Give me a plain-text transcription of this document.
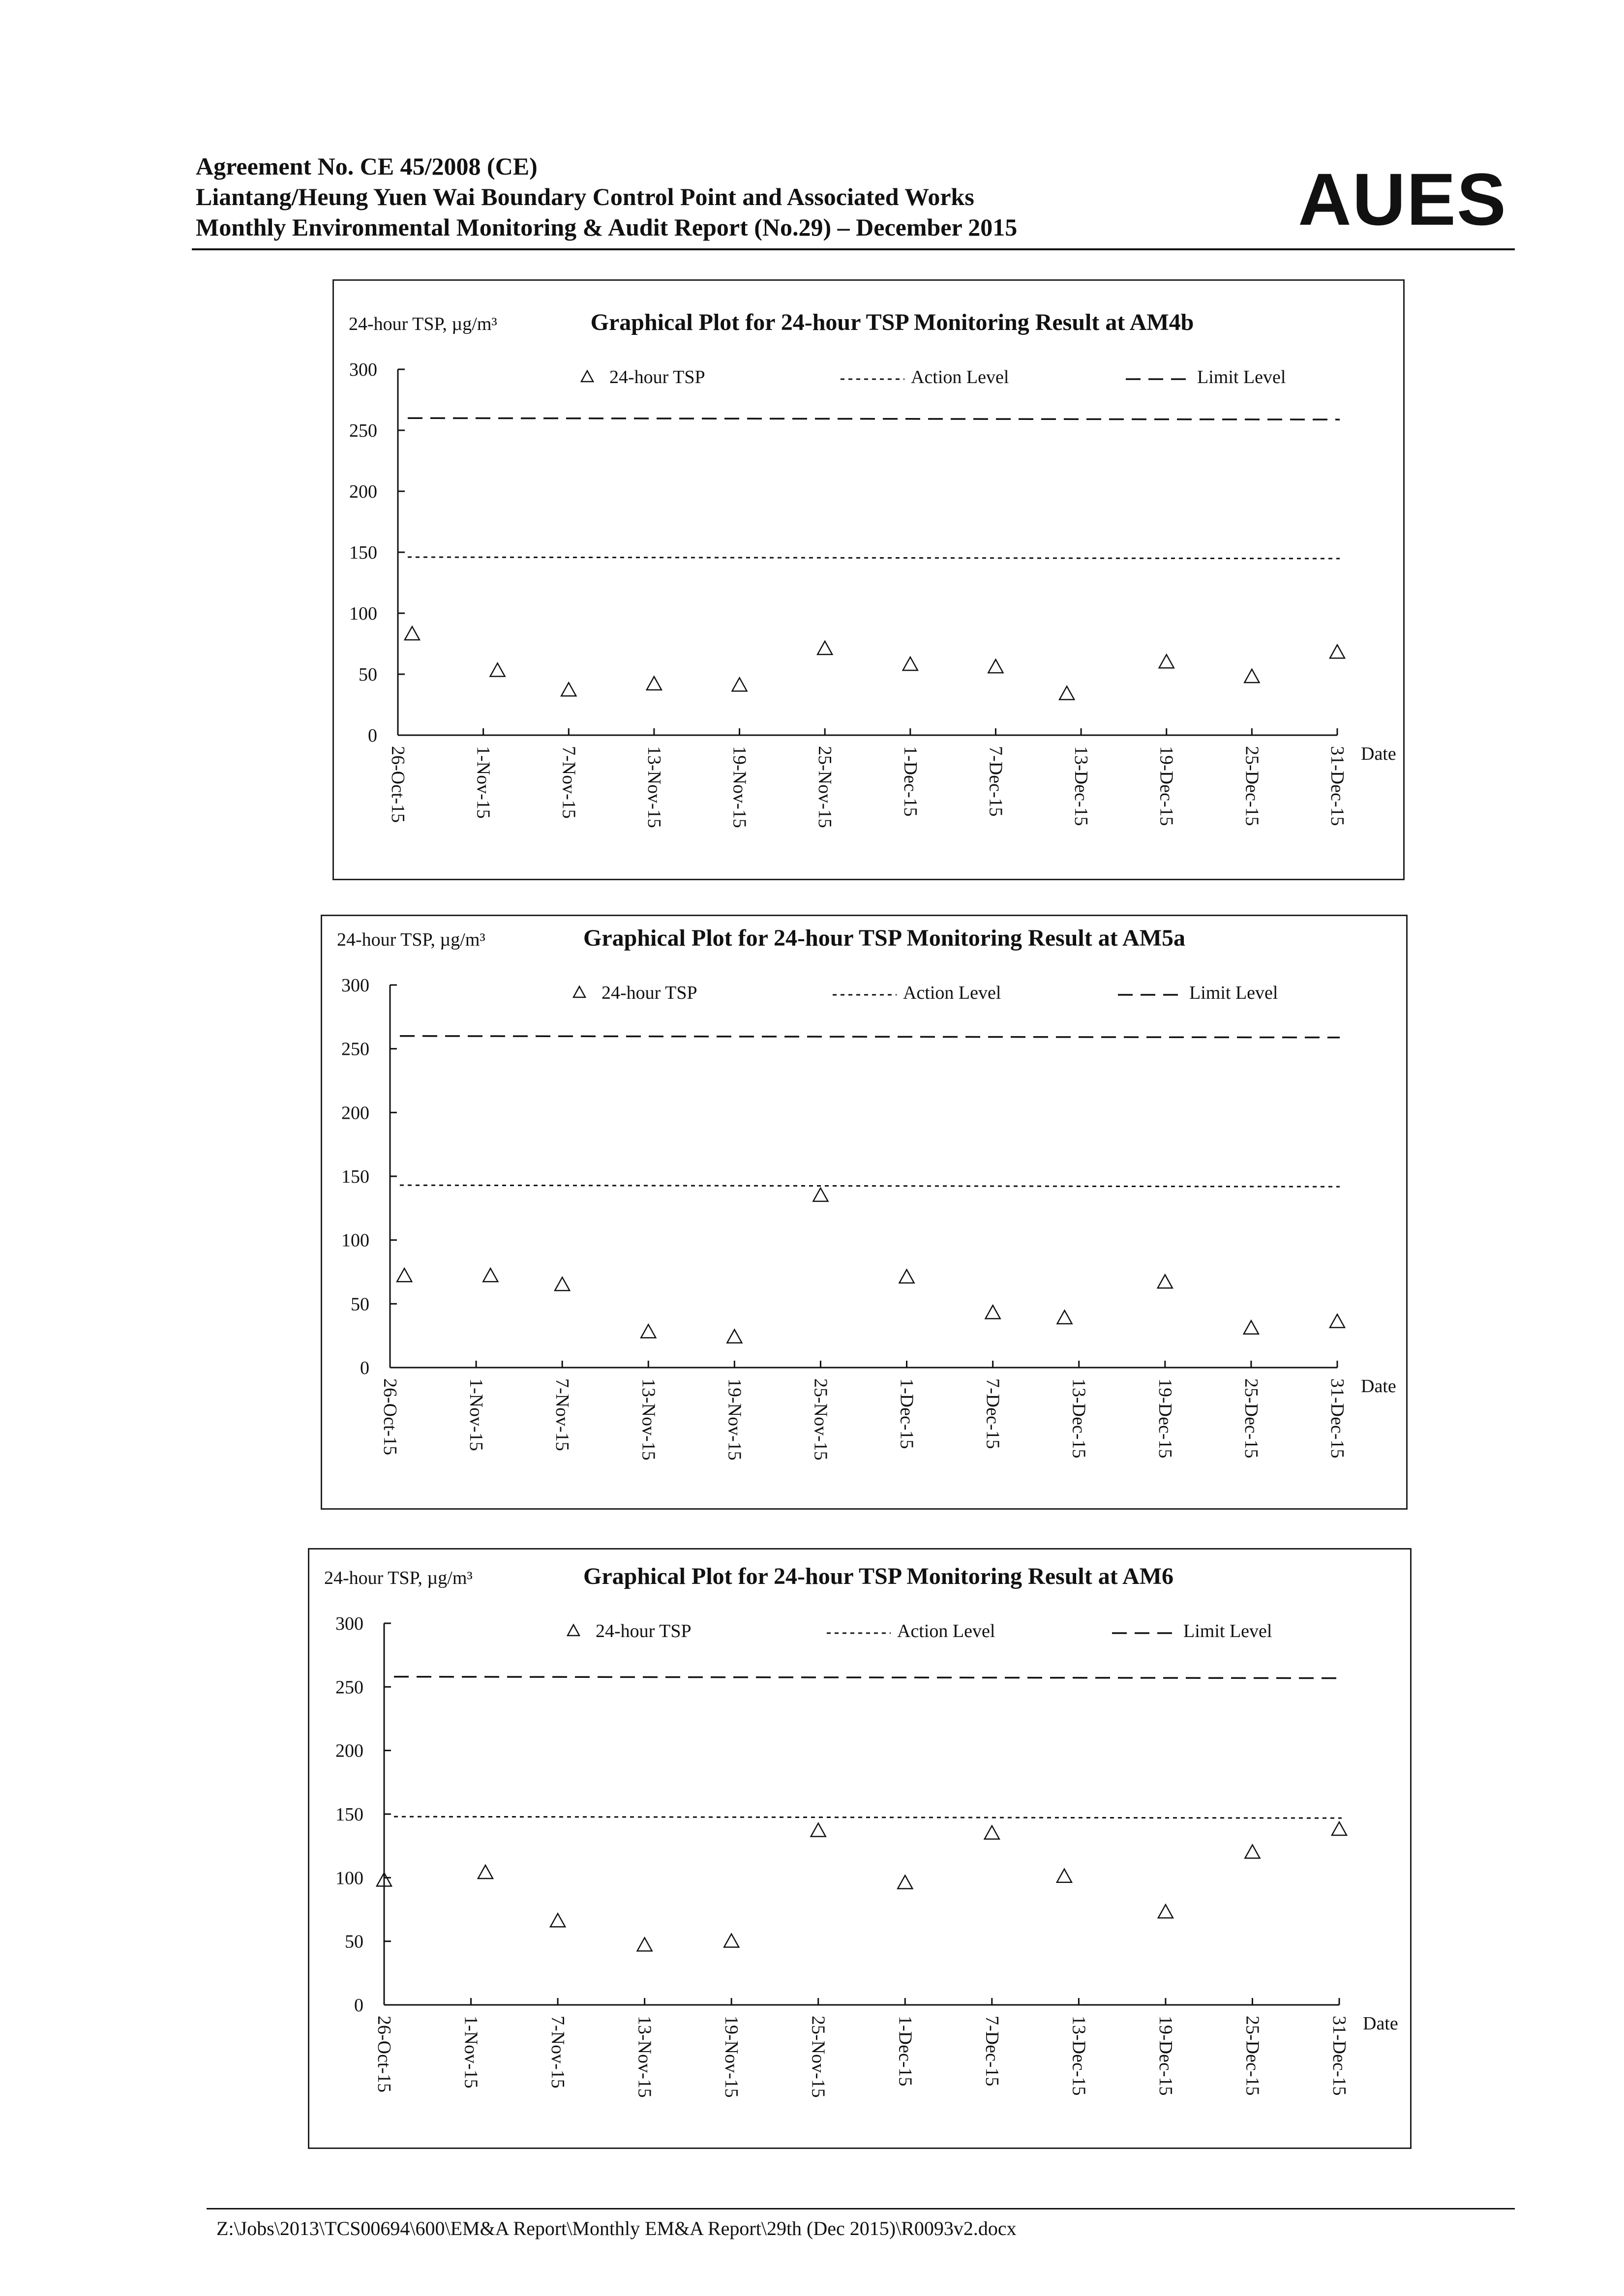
Agreement No. CE 45/2008 (CE)
Liantang/Heung Yuen Wai Boundary Control Point and Associated Works
Monthly Environmental Monitoring & Audit Report (No.29) – December 2015	AUES
24-hour TSP, µg/m³	Graphical Plot for 24-hour TSP Monitoring Result at AM4b
24-hour TSP	Action Level	Limit Level
0
50
100
150
200
250
300
26-Oct-15	1-Nov-15	7-Nov-15	13-Nov-15	19-Nov-15	25-Nov-15	1-Dec-15	7-Dec-15	13-Dec-15	19-Dec-15	25-Dec-15	31-Dec-15 Date
24-hour TSP, µg/m³	Graphical Plot for 24-hour TSP Monitoring Result at AM5a
24-hour TSP	Action Level	Limit Level
0
50
100
150
200
250
300
26-Oct-15	1-Nov-15	7-Nov-15	13-Nov-15	19-Nov-15	25-Nov-15	1-Dec-15	7-Dec-15	13-Dec-15	19-Dec-15	25-Dec-15	31-Dec-15 Date
24-hour TSP, µg/m³	Graphical Plot for 24-hour TSP Monitoring Result at AM6
24-hour TSP	Action Level	Limit Level
0
50
100
150
200
250
300
26-Oct-15	1-Nov-15	7-Nov-15	13-Nov-15	19-Nov-15	25-Nov-15	1-Dec-15	7-Dec-15	13-Dec-15	19-Dec-15	25-Dec-15	31-Dec-15 Date
Z:\Jobs\2013\TCS00694\600\EM&A Report\Monthly EM&A Report\29th (Dec 2015)\R0093v2.docx
